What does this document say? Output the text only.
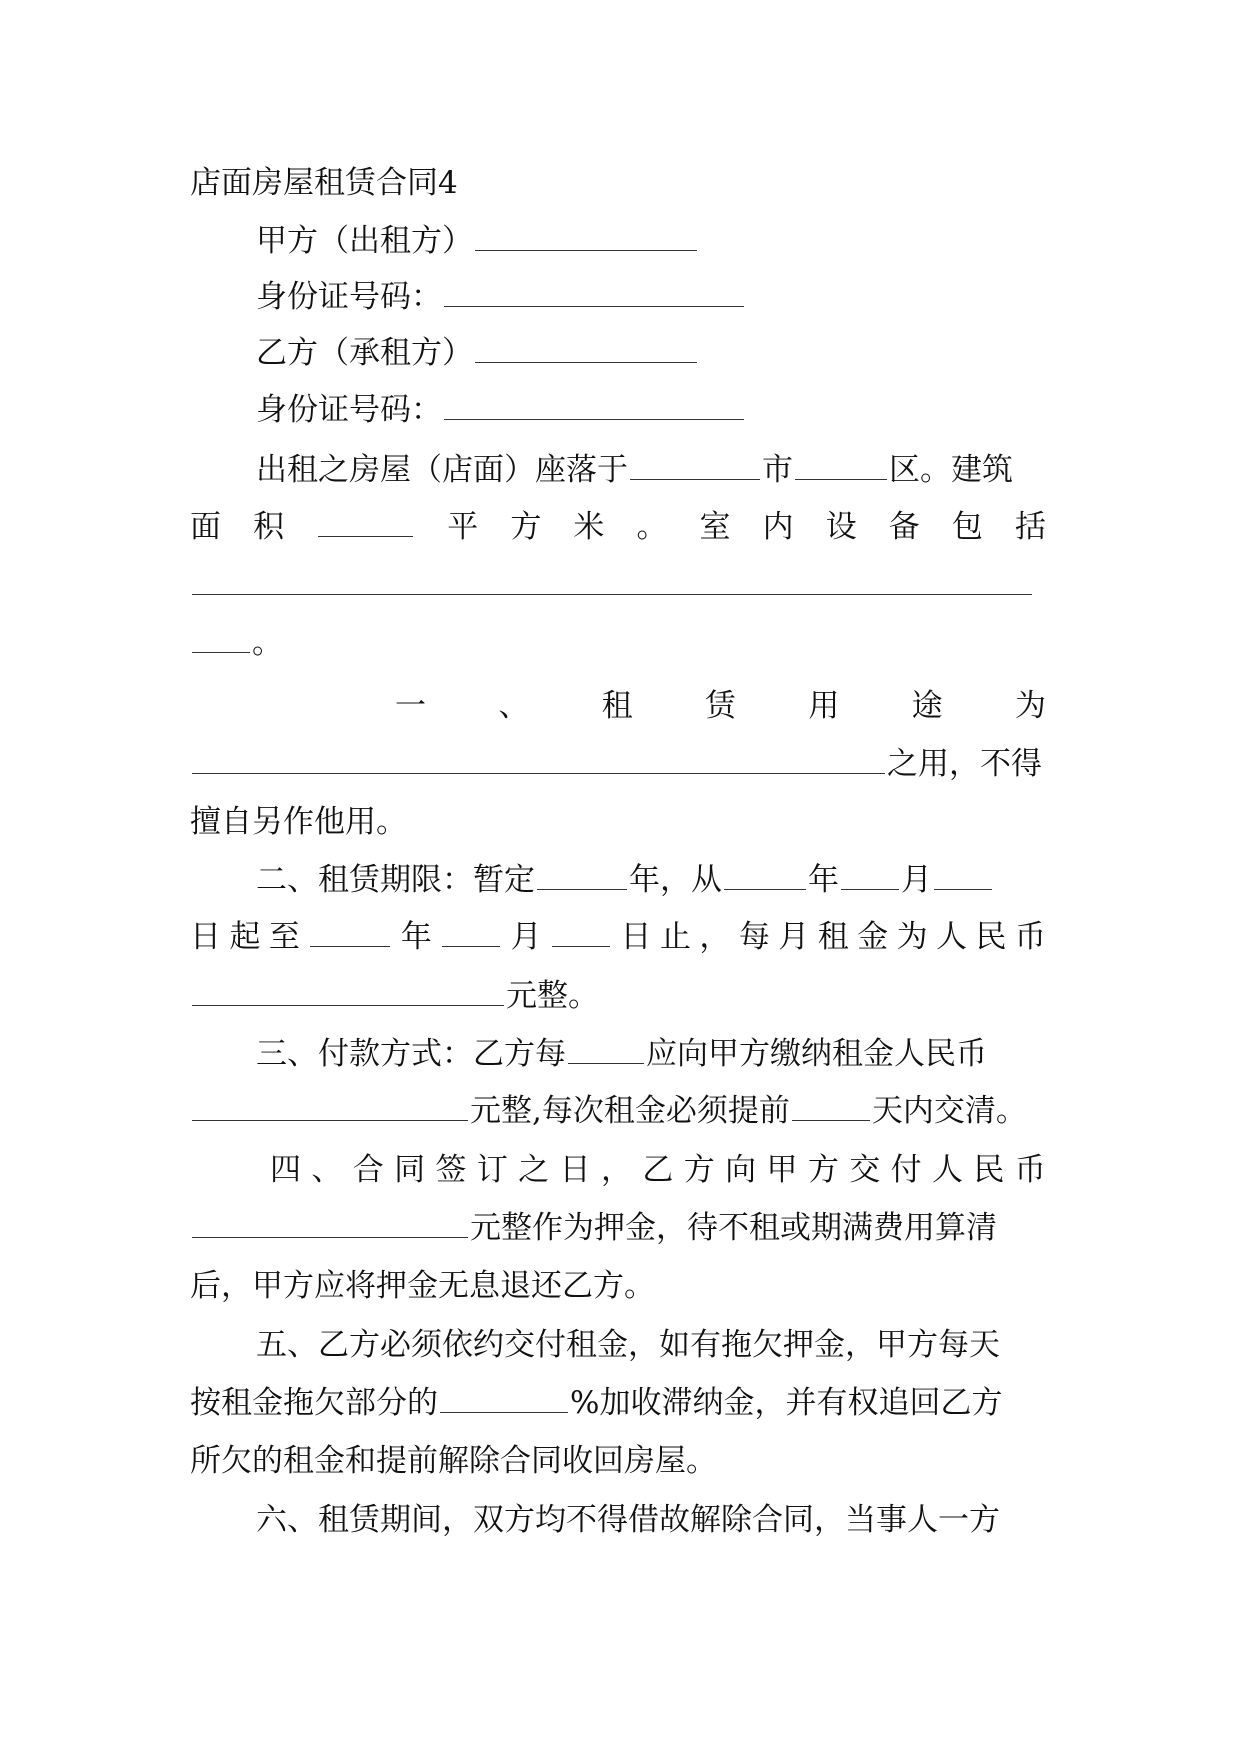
店面房屋租赁合同4
甲方（出租方）
身份证号码：
乙方（承租方）
身份证号码：
出租之房屋（店面）座落于	市	区。建筑
面 积	平 方 米 。 室 内 设 备 包 括
。
一 、 租 赁 用 途 为
之用，不得
擅自另作他用。
二、租赁期限：暂定	年，从	年 月
日 起 至	年	月	日 止 ， 每 月 租 金 为 人 民 币
元整。
三、付款方式：乙方每	应向甲方缴纳租金人民币
元整,每次租金必须提前	天内交清。
四 、 合 同 签 订 之 日 ， 乙 方 向 甲 方 交 付 人 民 币
元整作为押金，待不租或期满费用算清
后，甲方应将押金无息退还乙方。
五、乙方必须依约交付租金，如有拖欠押金，甲方每天
按租金拖欠部分的	%加收滞纳金，并有权追回乙方
所欠的租金和提前解除合同收回房屋。
六、租赁期间，双方均不得借故解除合同，当事人一方
